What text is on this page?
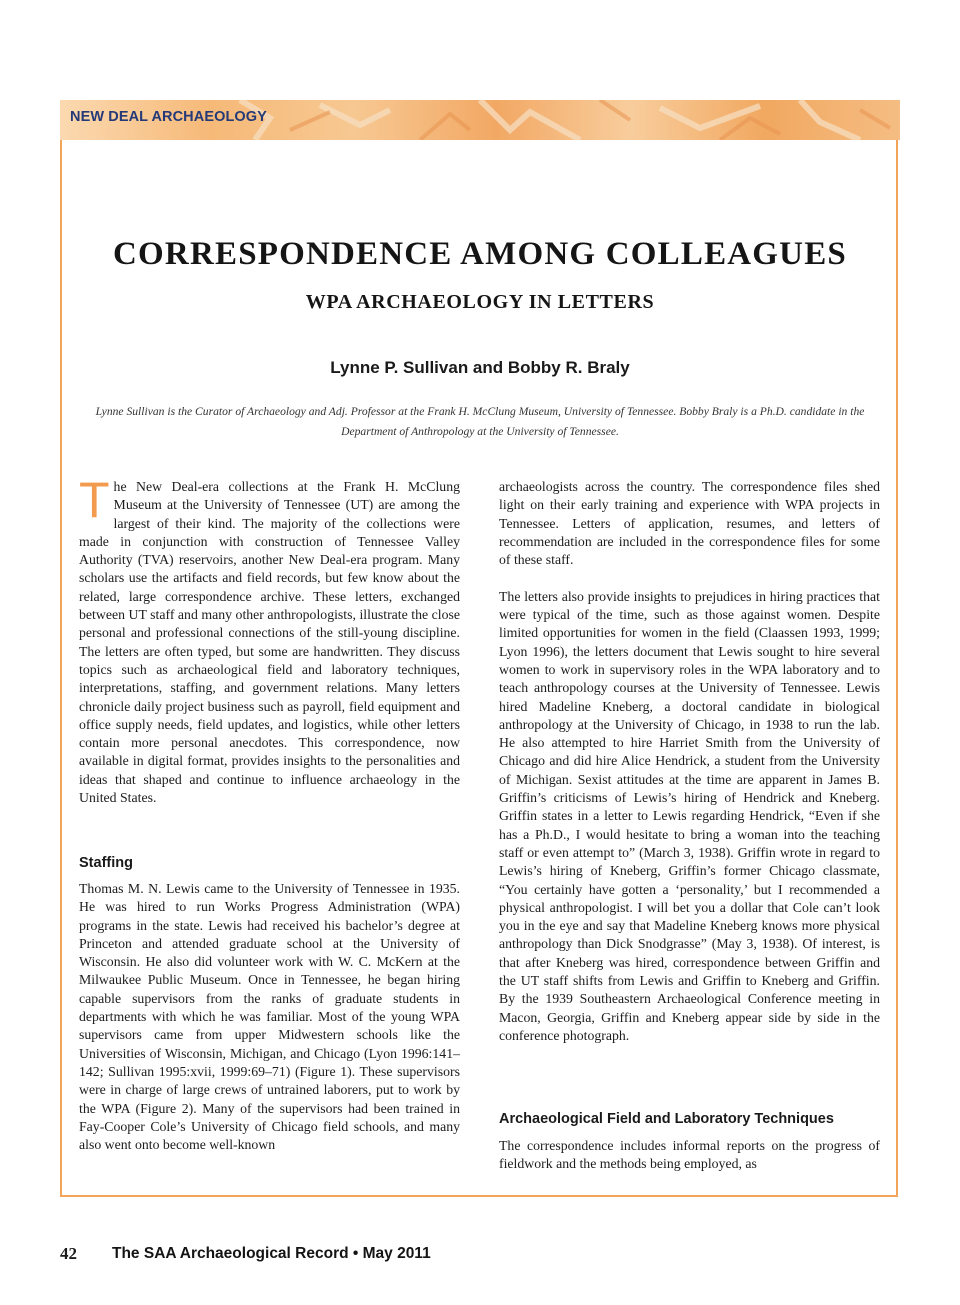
NEW DEAL ARCHAEOLOGY
CORRESPONDENCE AMONG COLLEAGUES
WPA ARCHAEOLOGY IN LETTERS
Lynne P. Sullivan and Bobby R. Braly
Lynne Sullivan is the Curator of Archaeology and Adj. Professor at the Frank H. McClung Museum, University of Tennessee. Bobby Braly is a Ph.D. candidate in the Department of Anthropology at the University of Tennessee.

The New Deal-era collections at the Frank H. McClung Museum at the University of Tennessee (UT) are among the largest of their kind. The majority of the collections were made in conjunction with construction of Tennessee Valley Authority (TVA) reservoirs, another New Deal-era program. Many scholars use the artifacts and field records, but few know about the related, large correspondence archive. These letters, exchanged between UT staff and many other anthropologists, illustrate the close personal and professional connections of the still-young discipline. The letters are often typed, but some are handwritten. They discuss topics such as archaeological field and laboratory techniques, interpretations, staffing, and government relations. Many letters chronicle daily project business such as payroll, field equipment and office supply needs, field updates, and logistics, while other letters contain more personal anecdotes. This correspondence, now available in digital format, provides insights to the personalities and ideas that shaped and continue to influence archaeology in the United States.

Staffing

Thomas M. N. Lewis came to the University of Tennessee in 1935. He was hired to run Works Progress Administration (WPA) programs in the state. Lewis had received his bachelor’s degree at Princeton and attended graduate school at the University of Wisconsin. He also did volunteer work with W. C. McKern at the Milwaukee Public Museum. Once in Tennessee, he began hiring capable supervisors from the ranks of graduate students in departments with which he was familiar. Most of the young WPA supervisors came from upper Midwestern schools like the Universities of Wisconsin, Michigan, and Chicago (Lyon 1996:141–142; Sullivan 1995:xvii, 1999:69–71) (Figure 1). These supervisors were in charge of large crews of untrained laborers, put to work by the WPA (Figure 2). Many of the supervisors had been trained in Fay-Cooper Cole’s University of Chicago field schools, and many also went onto become well-known

archaeologists across the country. The correspondence files shed light on their early training and experience with WPA projects in Tennessee. Letters of application, resumes, and letters of recommendation are included in the correspondence files for some of these staff.

The letters also provide insights to prejudices in hiring practices that were typical of the time, such as those against women. Despite limited opportunities for women in the field (Claassen 1993, 1999; Lyon 1996), the letters document that Lewis sought to hire several women to work in supervisory roles in the WPA laboratory and to teach anthropology courses at the University of Tennessee. Lewis hired Madeline Kneberg, a doctoral candidate in biological anthropology at the University of Chicago, in 1938 to run the lab. He also attempted to hire Harriet Smith from the University of Chicago and did hire Alice Hendrick, a student from the University of Michigan. Sexist attitudes at the time are apparent in James B. Griffin’s criticisms of Lewis’s hiring of Hendrick and Kneberg. Griffin states in a letter to Lewis regarding Hendrick, “Even if she has a Ph.D., I would hesitate to bring a woman into the teaching staff or even attempt to” (March 3, 1938). Griffin wrote in regard to Lewis’s hiring of Kneberg, Griffin’s former Chicago classmate, “You certainly have gotten a ‘personality,’ but I recommended a physical anthropologist. I will bet you a dollar that Cole can’t look you in the eye and say that Madeline Kneberg knows more physical anthropology than Dick Snodgrasse” (May 3, 1938). Of interest, is that after Kneberg was hired, correspondence between Griffin and the UT staff shifts from Lewis and Griffin to Kneberg and Griffin. By the 1939 Southeastern Archaeological Conference meeting in Macon, Georgia, Griffin and Kneberg appear side by side in the conference photograph.

Archaeological Field and Laboratory Techniques

The correspondence includes informal reports on the progress of fieldwork and the methods being employed, as

42 The SAA Archaeological Record • May 2011
